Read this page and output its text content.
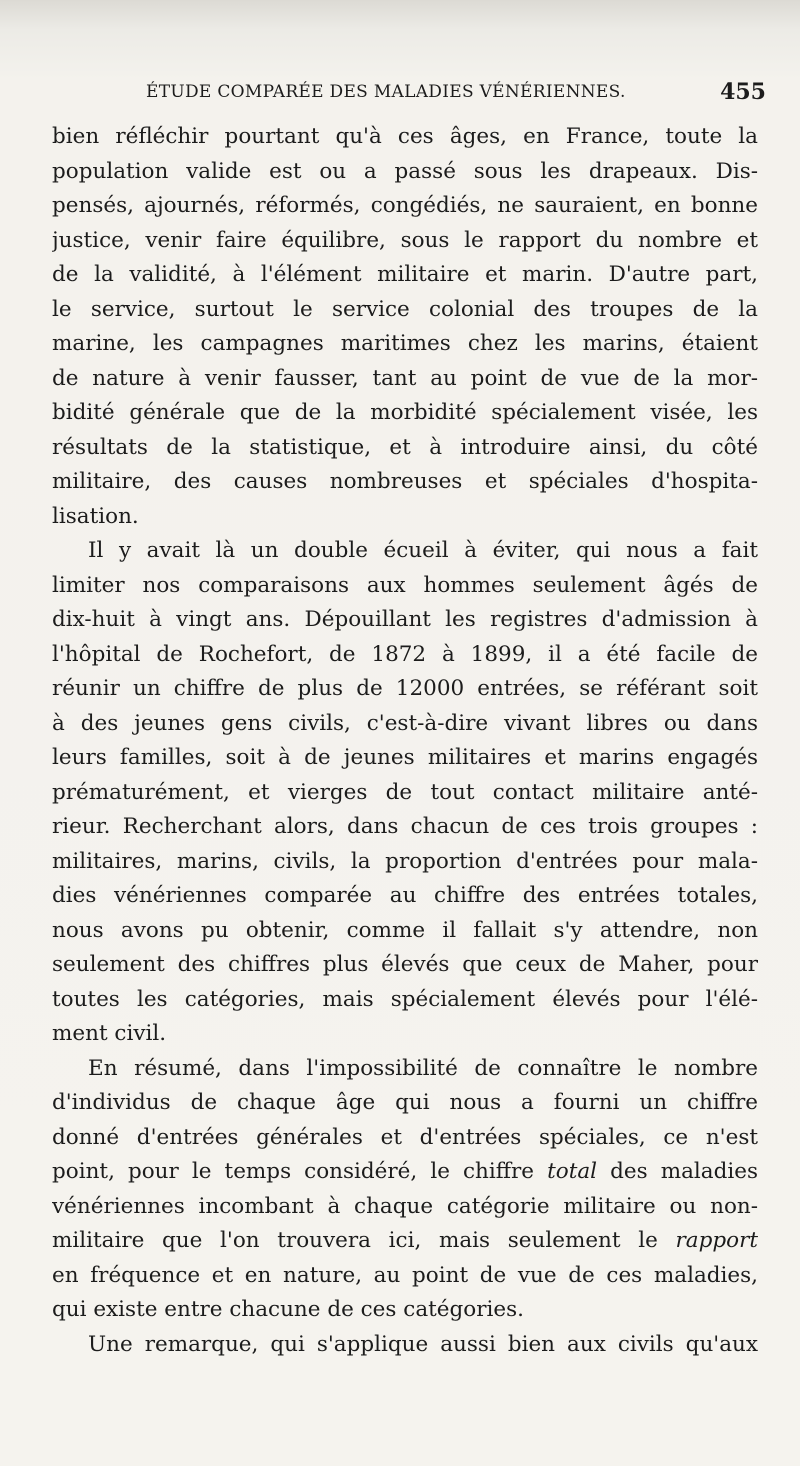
ÉTUDE COMPARÉE DES MALADIES VÉNÉRIENNES.	455
bien réfléchir pourtant qu'à ces âges, en France, toute la
population valide est ou a passé sous les drapeaux. Dis-
pensés, ajournés, réformés, congédiés, ne sauraient, en bonne
justice, venir faire équilibre, sous le rapport du nombre et
de la validité, à l'élément militaire et marin. D'autre part,
le service, surtout le service colonial des troupes de la
marine, les campagnes maritimes chez les marins, étaient
de nature à venir fausser, tant au point de vue de la mor-
bidité générale que de la morbidité spécialement visée, les
résultats de la statistique, et à introduire ainsi, du côté
militaire, des causes nombreuses et spéciales d'hospita-
lisation.
Il y avait là un double écueil à éviter, qui nous a fait
limiter nos comparaisons aux hommes seulement âgés de
dix-huit à vingt ans. Dépouillant les registres d'admission à
l'hôpital de Rochefort, de 1872 à 1899, il a été facile de
réunir un chiffre de plus de 12000 entrées, se référant soit
à des jeunes gens civils, c'est-à-dire vivant libres ou dans
leurs familles, soit à de jeunes militaires et marins engagés
prématurément, et vierges de tout contact militaire anté-
rieur. Recherchant alors, dans chacun de ces trois groupes :
militaires, marins, civils, la proportion d'entrées pour mala-
dies vénériennes comparée au chiffre des entrées totales,
nous avons pu obtenir, comme il fallait s'y attendre, non
seulement des chiffres plus élevés que ceux de Maher, pour
toutes les catégories, mais spécialement élevés pour l'élé-
ment civil.
En résumé, dans l'impossibilité de connaître le nombre
d'individus de chaque âge qui nous a fourni un chiffre
donné d'entrées générales et d'entrées spéciales, ce n'est
point, pour le temps considéré, le chiffre total des maladies
vénériennes incombant à chaque catégorie militaire ou non-
militaire que l'on trouvera ici, mais seulement le rapport
en fréquence et en nature, au point de vue de ces maladies,
qui existe entre chacune de ces catégories.
Une remarque, qui s'applique aussi bien aux civils qu'aux
